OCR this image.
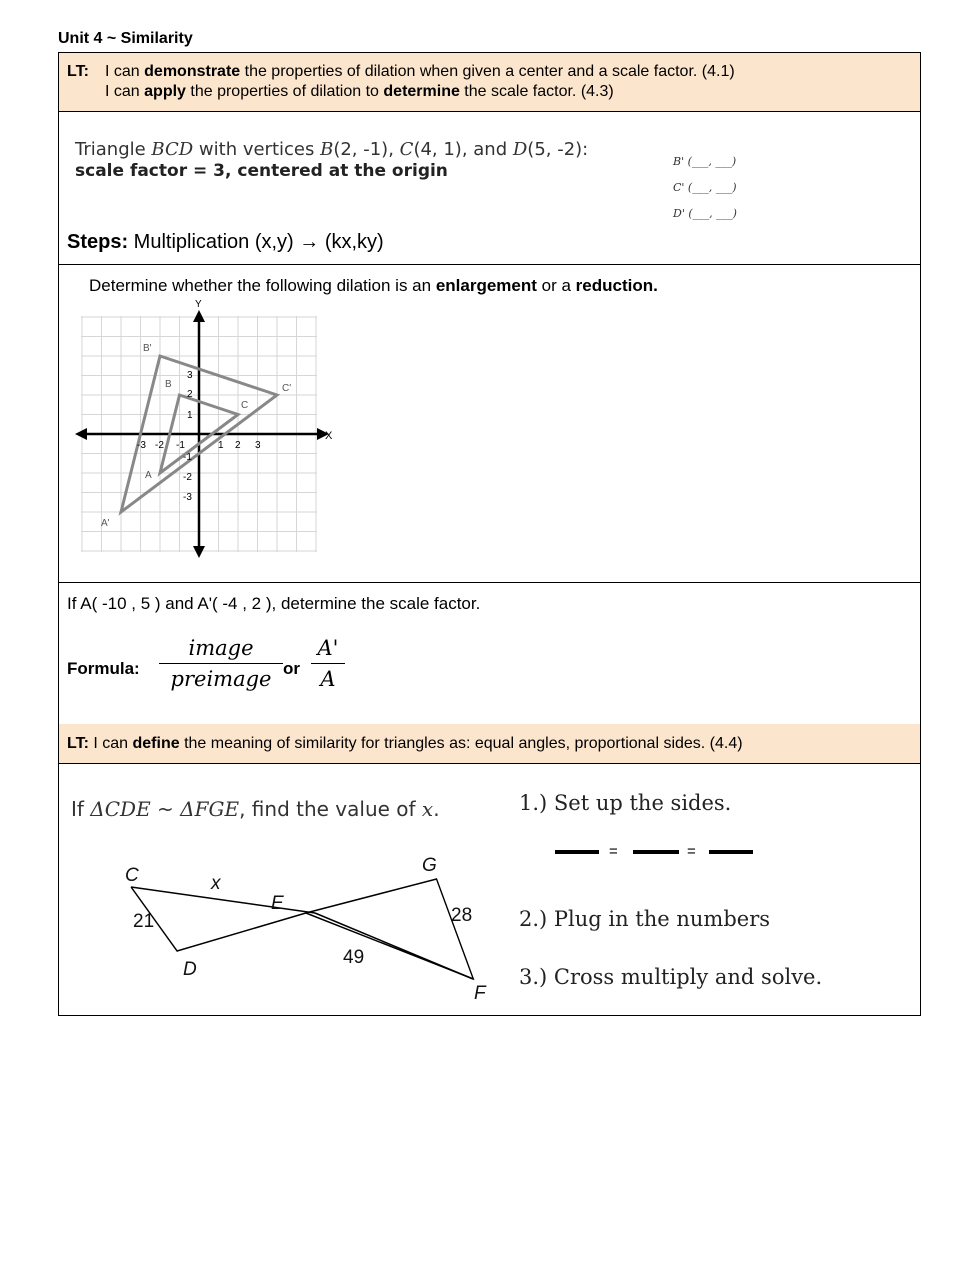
Unit 4 ~ Similarity
LT: I can demonstrate the properties of dilation when given a center and a scale factor. (4.1)
I can apply the properties of dilation to determine the scale factor. (4.3)
Triangle BCD with vertices B(2, -1), C(4, 1), and D(5, -2):
scale factor = 3, centered at the origin	B' (___, ___)
C' (___, ___)
D' (___, ___)
Steps: Multiplication (x,y) → (kx,ky)
Determine whether the following dilation is an enlargement or a reduction.
X
Y
-3 -2 -1	1 2 3
3
2
1
-1
-2
-3
B'
B
C
C'
A
A'
If A( -10 , 5 ) and A'( -4 , 2 ), determine the scale factor.
Formula:
image
preimage or $\frac{A'}{A}$
LT: I can define the meaning of similarity for triangles as: equal angles, proportional sides. (4.4)
If ΔCDE ~ ΔFGE, find the value of x.
C
D
E
G
F
x
21	28
49
1.) Set up the sides.
=	=
2.) Plug in the numbers
3.) Cross multiply and solve.
